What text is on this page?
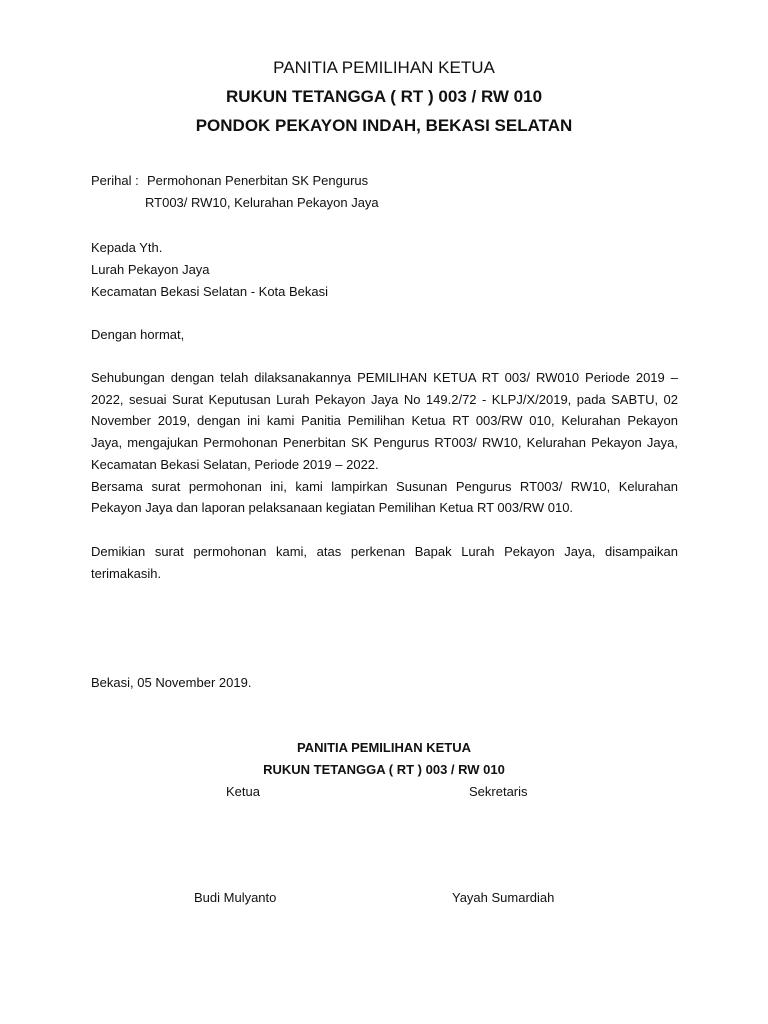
PANITIA PEMILIHAN KETUA
RUKUN TETANGGA ( RT ) 003 / RW 010
PONDOK PEKAYON INDAH, BEKASI SELATAN
Perihal : Permohonan Penerbitan SK Pengurus
RT003/ RW10, Kelurahan Pekayon Jaya
Kepada Yth.
Lurah Pekayon Jaya
Kecamatan Bekasi Selatan - Kota Bekasi
Dengan hormat,
Sehubungan dengan telah dilaksanakannya PEMILIHAN KETUA RT 003/ RW010 Periode 2019 –
2022, sesuai Surat Keputusan Lurah Pekayon Jaya No 149.2/72 - KLPJ/X/2019, pada SABTU, 02
November 2019, dengan ini kami Panitia Pemilihan Ketua RT 003/RW 010, Kelurahan Pekayon
Jaya, mengajukan Permohonan Penerbitan SK Pengurus RT003/ RW10, Kelurahan Pekayon Jaya,
Kecamatan Bekasi Selatan, Periode 2019 – 2022.
Bersama surat permohonan ini, kami lampirkan Susunan Pengurus RT003/ RW10, Kelurahan
Pekayon Jaya dan laporan pelaksanaan kegiatan Pemilihan Ketua RT 003/RW 010.
Demikian surat permohonan kami, atas perkenan Bapak Lurah Pekayon Jaya, disampaikan
terimakasih.
Bekasi, 05 November 2019.
PANITIA PEMILIHAN KETUA
RUKUN TETANGGA ( RT ) 003 / RW 010
Ketua	Sekretaris
Budi Mulyanto	Yayah Sumardiah
